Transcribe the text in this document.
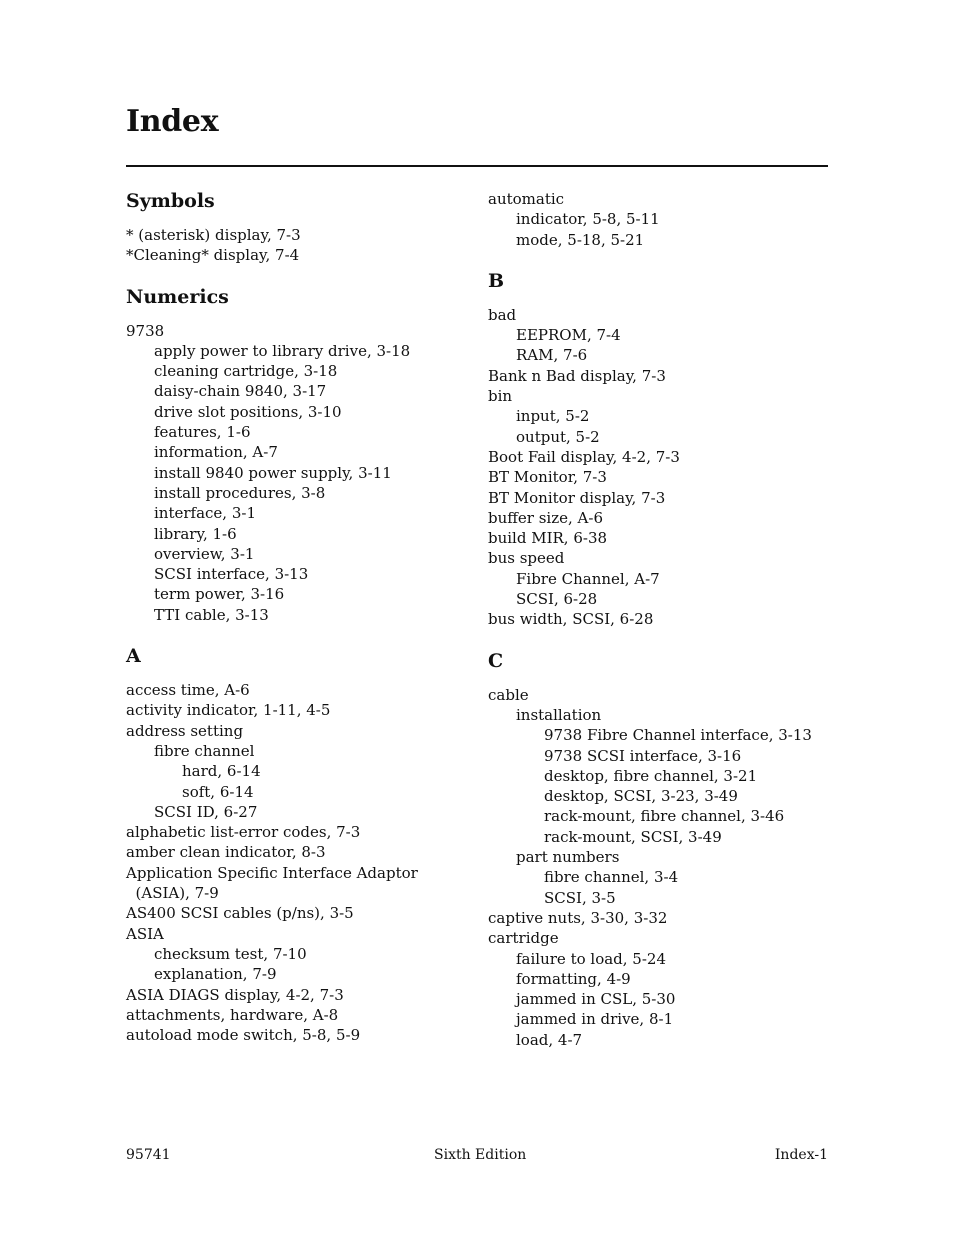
Index
Symbols
* (asterisk) display, 7-3
*Cleaning* display, 7-4
Numerics
9738
apply power to library drive, 3-18
cleaning cartridge, 3-18
daisy-chain 9840, 3-17
drive slot positions, 3-10
features, 1-6
information, A-7
install 9840 power supply, 3-11
install procedures, 3-8
interface, 3-1
library, 1-6
overview, 3-1
SCSI interface, 3-13
term power, 3-16
TTI cable, 3-13
A
access time, A-6
activity indicator, 1-11, 4-5
address setting
fibre channel
hard, 6-14
soft, 6-14
SCSI ID, 6-27
alphabetic list-error codes, 7-3
amber clean indicator, 8-3
Application Specific Interface Adaptor
(ASIA), 7-9
AS400 SCSI cables (p/ns), 3-5
ASIA
checksum test, 7-10
explanation, 7-9
ASIA DIAGS display, 4-2, 7-3
attachments, hardware, A-8
autoload mode switch, 5-8, 5-9
automatic
indicator, 5-8, 5-11
mode, 5-18, 5-21
B
bad
EEPROM, 7-4
RAM, 7-6
Bank n Bad display, 7-3
bin
input, 5-2
output, 5-2
Boot Fail display, 4-2, 7-3
BT Monitor, 7-3
BT Monitor display, 7-3
buffer size, A-6
build MIR, 6-38
bus speed
Fibre Channel, A-7
SCSI, 6-28
bus width, SCSI, 6-28
C
cable
installation
9738 Fibre Channel interface, 3-13
9738 SCSI interface, 3-16
desktop, fibre channel, 3-21
desktop, SCSI, 3-23, 3-49
rack-mount, fibre channel, 3-46
rack-mount, SCSI, 3-49
part numbers
fibre channel, 3-4
SCSI, 3-5
captive nuts, 3-30, 3-32
cartridge
failure to load, 5-24
formatting, 4-9
jammed in CSL, 5-30
jammed in drive, 8-1
load, 4-7
95741	Sixth Edition	Index-1
